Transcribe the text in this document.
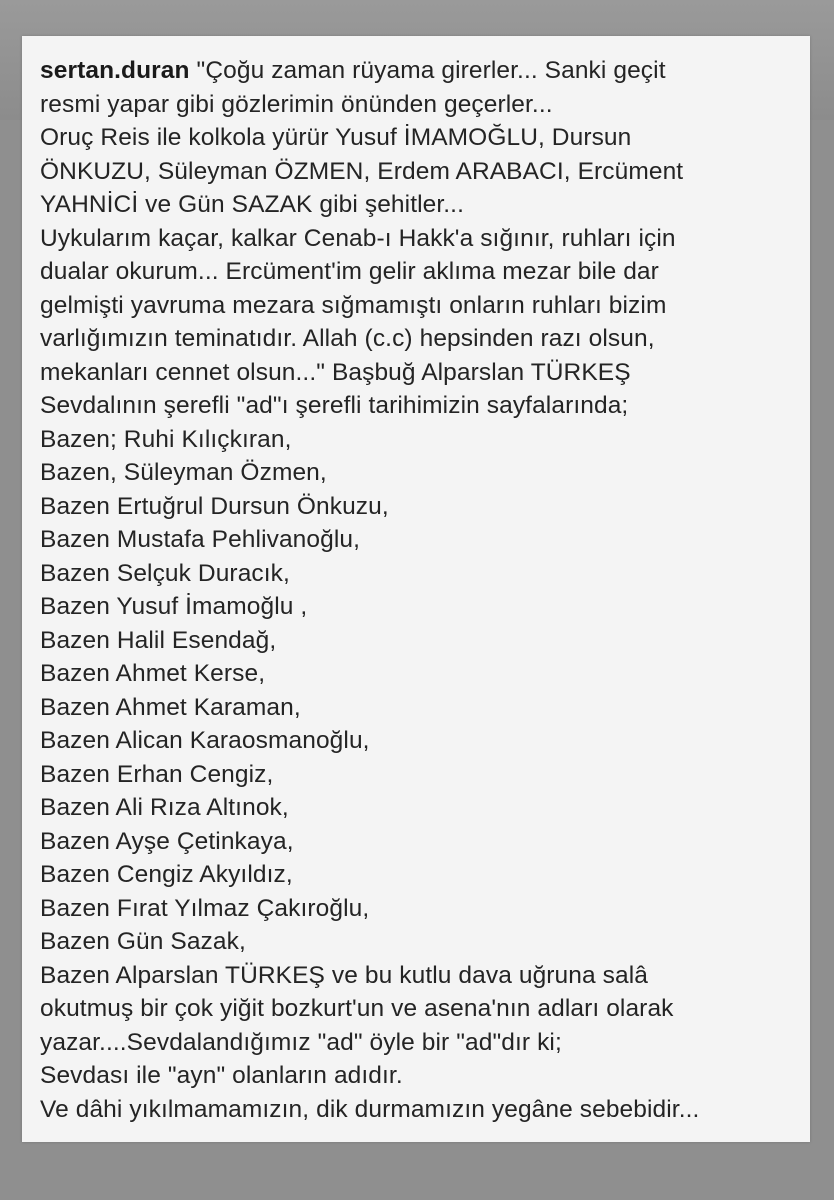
sertan.duran "Çoğu zaman rüyama girerler... Sanki geçit
resmi yapar gibi gözlerimin önünden geçerler...
Oruç Reis ile kolkola yürür Yusuf İMAMOĞLU, Dursun
ÖNKUZU, Süleyman ÖZMEN, Erdem ARABACI, Ercüment
YAHNİCİ ve Gün SAZAK gibi şehitler...
Uykularım kaçar, kalkar Cenab-ı Hakk'a sığınır, ruhları için
dualar okurum... Ercüment'im gelir aklıma mezar bile dar
gelmişti yavruma mezara sığmamıştı onların ruhları bizim
varlığımızın teminatıdır. Allah (c.c) hepsinden razı olsun,
mekanları cennet olsun..." Başbuğ Alparslan TÜRKEŞ
Sevdalının şerefli "ad"ı şerefli tarihimizin sayfalarında;
Bazen; Ruhi Kılıçkıran,
Bazen, Süleyman Özmen,
Bazen Ertuğrul Dursun Önkuzu,
Bazen Mustafa Pehlivanoğlu,
Bazen Selçuk Duracık,
Bazen Yusuf İmamoğlu ,
Bazen Halil Esendağ,
Bazen Ahmet Kerse,
Bazen Ahmet Karaman,
Bazen Alican Karaosmanoğlu,
Bazen Erhan Cengiz,
Bazen Ali Rıza Altınok,
Bazen Ayşe Çetinkaya,
Bazen Cengiz Akyıldız,
Bazen Fırat Yılmaz Çakıroğlu,
Bazen Gün Sazak,
Bazen Alparslan TÜRKEŞ ve bu kutlu dava uğruna salâ
okutmuş bir çok yiğit bozkurt'un ve asena'nın adları olarak
yazar....Sevdalandığımız "ad" öyle bir "ad"dır ki;
Sevdası ile "ayn" olanların adıdır.
Ve dâhi yıkılmamamızın, dik durmamızın yegâne sebebidir...
